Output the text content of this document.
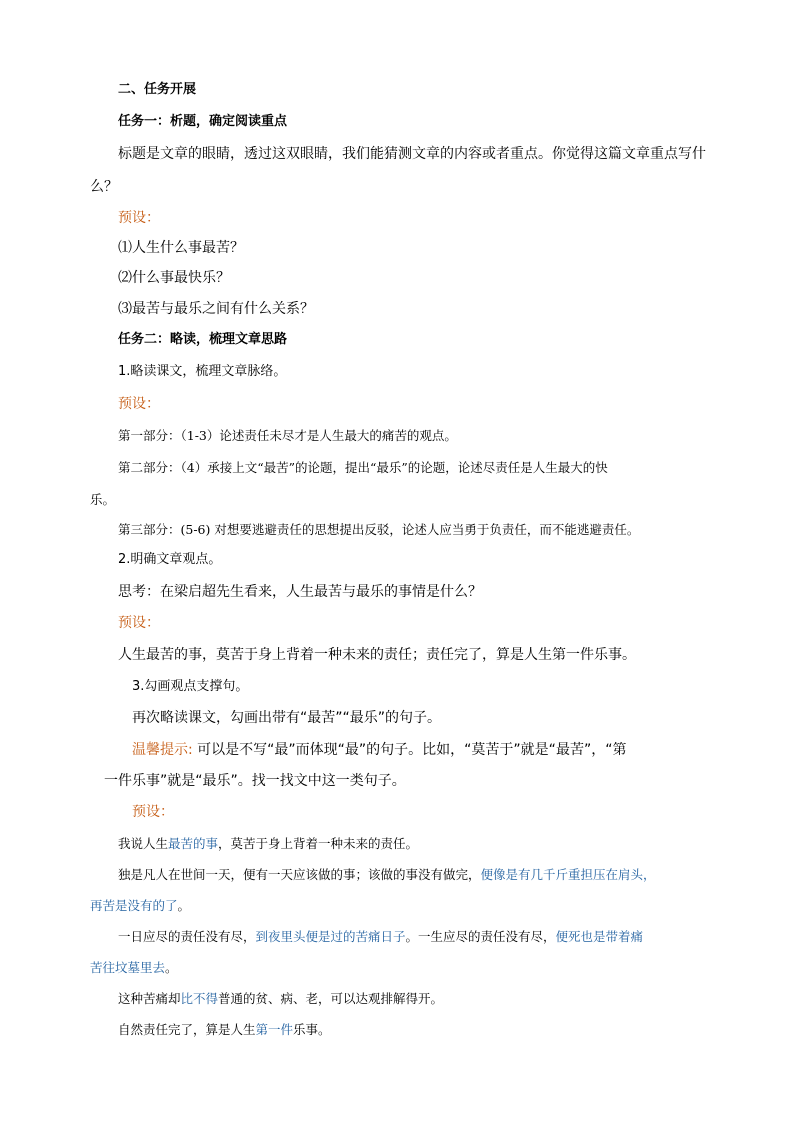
二、任务开展
任务一：析题，确定阅读重点
标题是文章的眼睛，透过这双眼睛，我们能猜测文章的内容或者重点。你觉得这篇文章重点写什
么？
预设：
⑴人生什么事最苦？
⑵什么事最快乐？
⑶最苦与最乐之间有什么关系？
任务二：略读，梳理文章思路
1.略读课文，梳理文章脉络。
预设：
第一部分：（1-3）论述责任未尽才是人生最大的痛苦的观点。
第二部分：（4）承接上文“最苦”的论题，提出“最乐”的论题，论述尽责任是人生最大的快
乐。
第三部分：(5-6) 对想要逃避责任的思想提出反驳，论述人应当勇于负责任，而不能逃避责任。
2.明确文章观点。
思考：在梁启超先生看来，人生最苦与最乐的事情是什么？
预设：
人生最苦的事，莫苦于身上背着一种未来的责任；责任完了，算是人生第一件乐事。
3.勾画观点支撑句。
再次略读课文，勾画出带有“最苦”“最乐”的句子。
温馨提示: 可以是不写“最”而体现“最”的句子。比如，“莫苦于”就是“最苦”，“第
一件乐事”就是“最乐”。找一找文中这一类句子。
预设：
我说人生最苦的事，莫苦于身上背着一种未来的责任。
独是凡人在世间一天，便有一天应该做的事；该做的事没有做完，便像是有几千斤重担压在肩头，
再苦是没有的了。
一日应尽的责任没有尽，到夜里头便是过的苦痛日子。一生应尽的责任没有尽，便死也是带着痛
苦往坟墓里去。
这种苦痛却比不得普通的贫、病、老，可以达观排解得开。
自然责任完了，算是人生第一件乐事。
